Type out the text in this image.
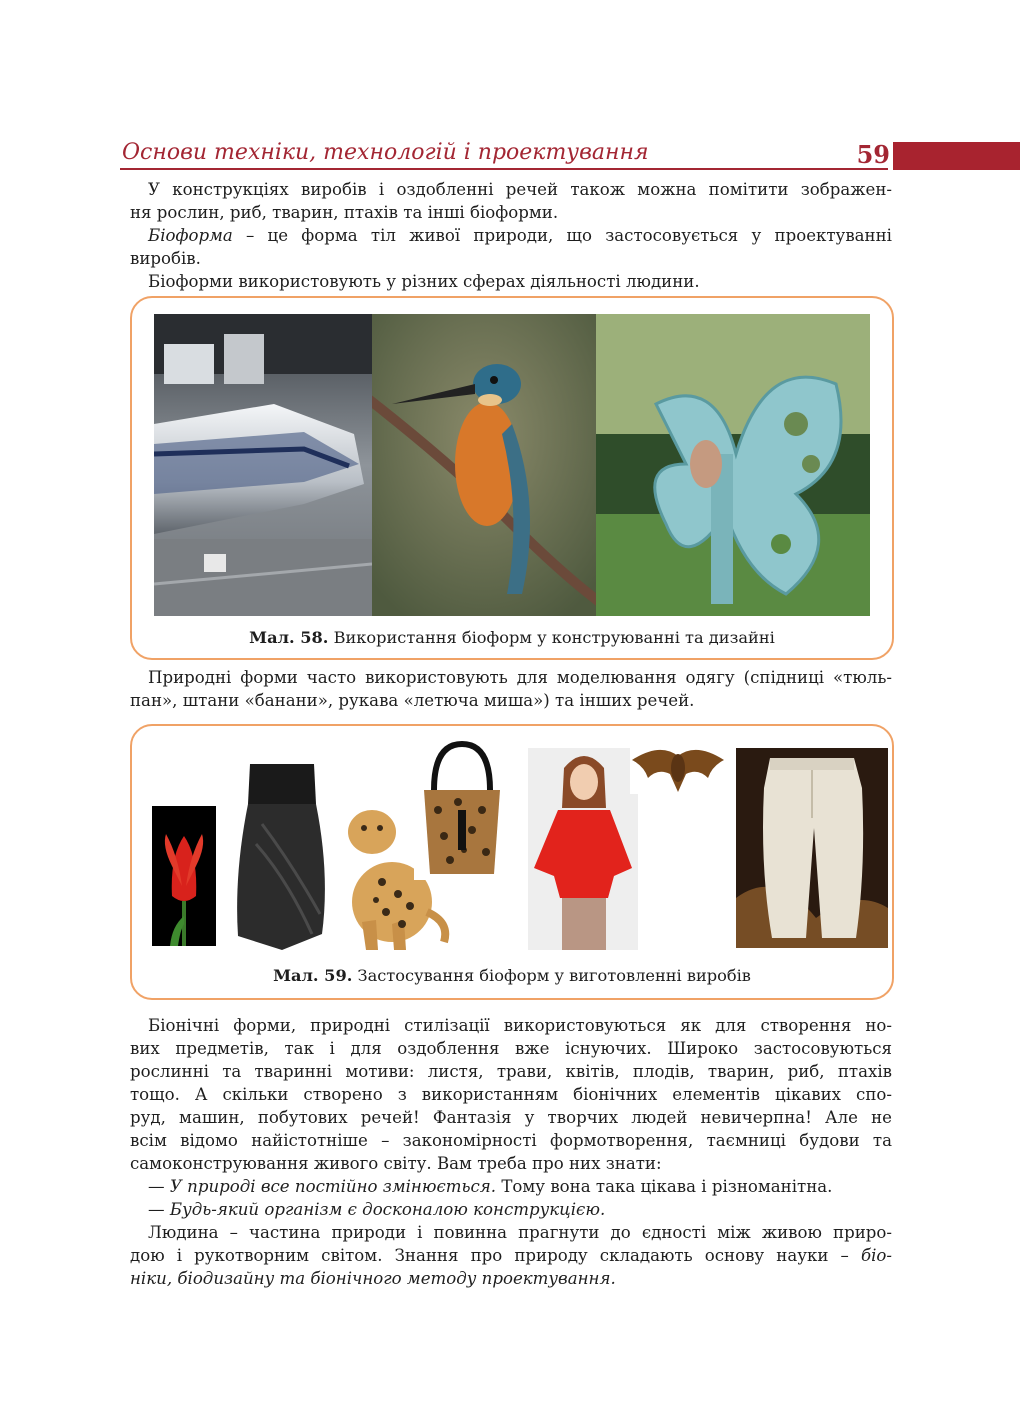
Основи техніки, технологій і проектування	59
У конструкціях виробів і оздобленні речей також можна помітити зображен-
ня рослин, риб, тварин, птахів та інші біоформи.
Біоформа – це форма тіл живої природи, що застосовується у проектуванні
виробів.
Біоформи використовують у різних сферах діяльності людини.
Мал. 58. Використання біоформ у конструюванні та дизайні
Природні форми часто використовують для моделювання одягу (спідниці «тюль-
пан», штани «банани», рукава «летюча миша») та інших речей.
Мал. 59. Застосування біоформ у виготовленні виробів
Біонічні форми, природні стилізації використовуються як для створення но-
вих предметів, так і для оздоблення вже існуючих. Широко застосовуються
рослинні та тваринні мотиви: листя, трави, квітів, плодів, тварин, риб, птахів
тощо. А скільки створено з використанням біонічних елементів цікавих спо-
руд, машин, побутових речей! Фантазія у творчих людей невичерпна! Але не
всім відомо найістотніше – закономірності формотворення, таємниці будови та
самоконструювання живого світу. Вам треба про них знати:
— У природі все постійно змінюється. Тому вона така цікава і різноманітна.
— Будь-який організм є досконалою конструкцією.
Людина – частина природи і повинна прагнути до єдності між живою приро-
дою і рукотворним світом. Знання про природу складають основу науки – біо-
ніки, біодизайну та біонічного методу проектування.
